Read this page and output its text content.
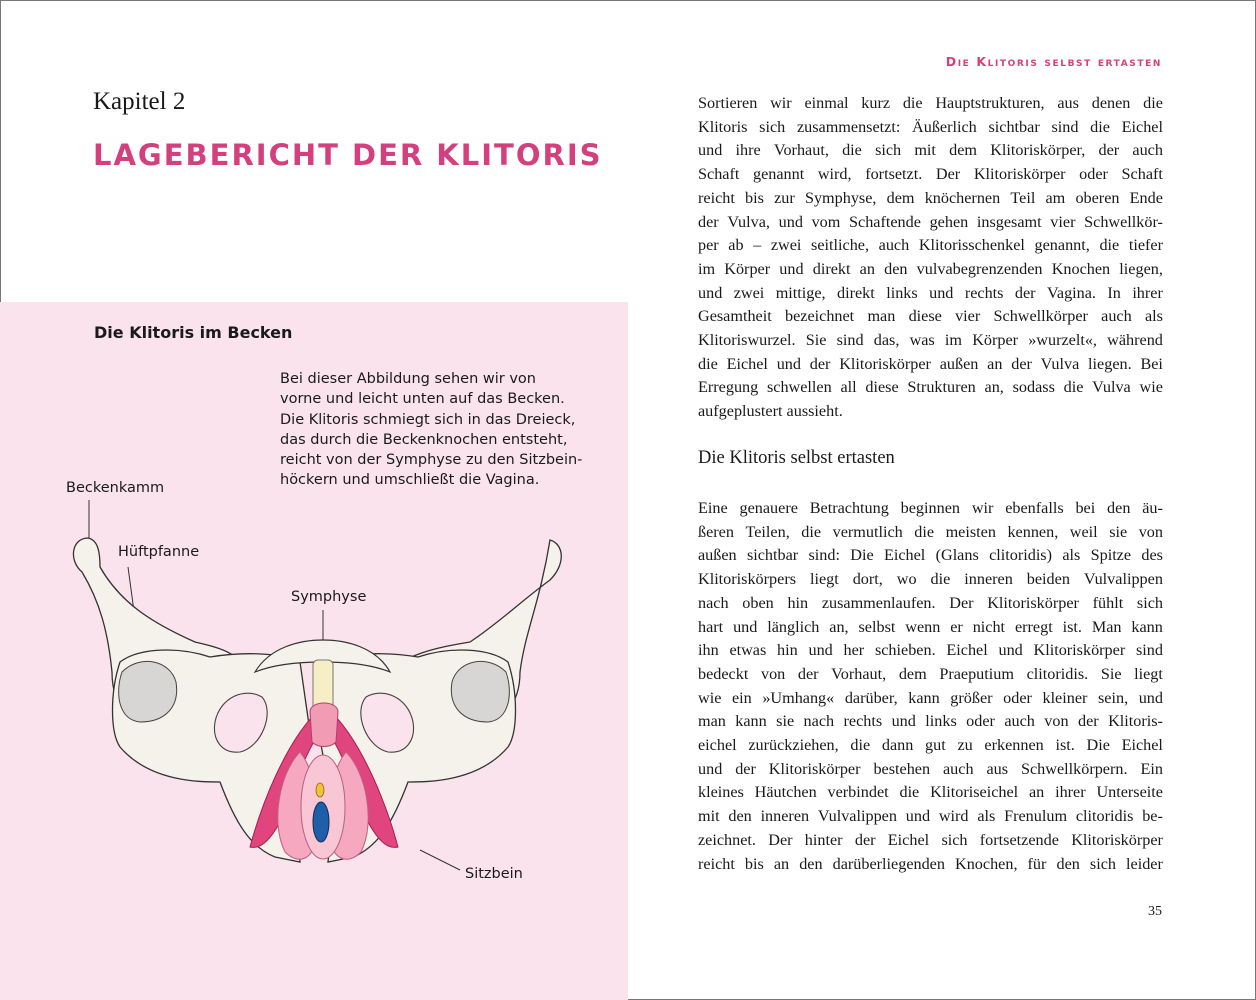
Die Klitoris selbst ertasten
Kapitel 2
LAGEBERICHT DER KLITORIS
Die Klitoris im Becken
Bei dieser Abbildung sehen wir von
vorne und leicht unten auf das Becken.
Die Klitoris schmiegt sich in das Dreieck,
das durch die Beckenknochen entsteht,
reicht von der Symphyse zu den Sitzbein-
höckern und umschließt die Vagina.
Beckenkamm
Hüftpfanne
Symphyse
Sitzbein
Sortieren wir einmal kurz die Hauptstrukturen, aus denen die
Klitoris sich zusammensetzt: Äußerlich sichtbar sind die Eichel
und ihre Vorhaut, die sich mit dem Klitoriskörper, der auch
Schaft genannt wird, fortsetzt. Der Klitoriskörper oder Schaft
reicht bis zur Symphyse, dem knöchernen Teil am oberen Ende
der Vulva, und vom Schaftende gehen insgesamt vier Schwellkör-
per ab – zwei seitliche, auch Klitorisschenkel genannt, die tiefer
im Körper und direkt an den vulvabegrenzenden Knochen liegen,
und zwei mittige, direkt links und rechts der Vagina. In ihrer
Gesamtheit bezeichnet man diese vier Schwellkörper auch als
Klitoriswurzel. Sie sind das, was im Körper »wurzelt«, während
die Eichel und der Klitoriskörper außen an der Vulva liegen. Bei
Erregung schwellen all diese Strukturen an, sodass die Vulva wie
aufgeplustert aussieht.
Die Klitoris selbst ertasten
Eine genauere Betrachtung beginnen wir ebenfalls bei den äu-
ßeren Teilen, die vermutlich die meisten kennen, weil sie von
außen sichtbar sind: Die Eichel (Glans clitoridis) als Spitze des
Klitoriskörpers liegt dort, wo die inneren beiden Vulvalippen
nach oben hin zusammenlaufen. Der Klitoriskörper fühlt sich
hart und länglich an, selbst wenn er nicht erregt ist. Man kann
ihn etwas hin und her schieben. Eichel und Klitoriskörper sind
bedeckt von der Vorhaut, dem Praeputium clitoridis. Sie liegt
wie ein »Umhang« darüber, kann größer oder kleiner sein, und
man kann sie nach rechts und links oder auch von der Klitoris-
eichel zurückziehen, die dann gut zu erkennen ist. Die Eichel
und der Klitoriskörper bestehen auch aus Schwellkörpern. Ein
kleines Häutchen verbindet die Klitoriseichel an ihrer Unterseite
mit den inneren Vulvalippen und wird als Frenulum clitoridis be-
zeichnet. Der hinter der Eichel sich fortsetzende Klitoriskörper
reicht bis an den darüberliegenden Knochen, für den sich leider
35
